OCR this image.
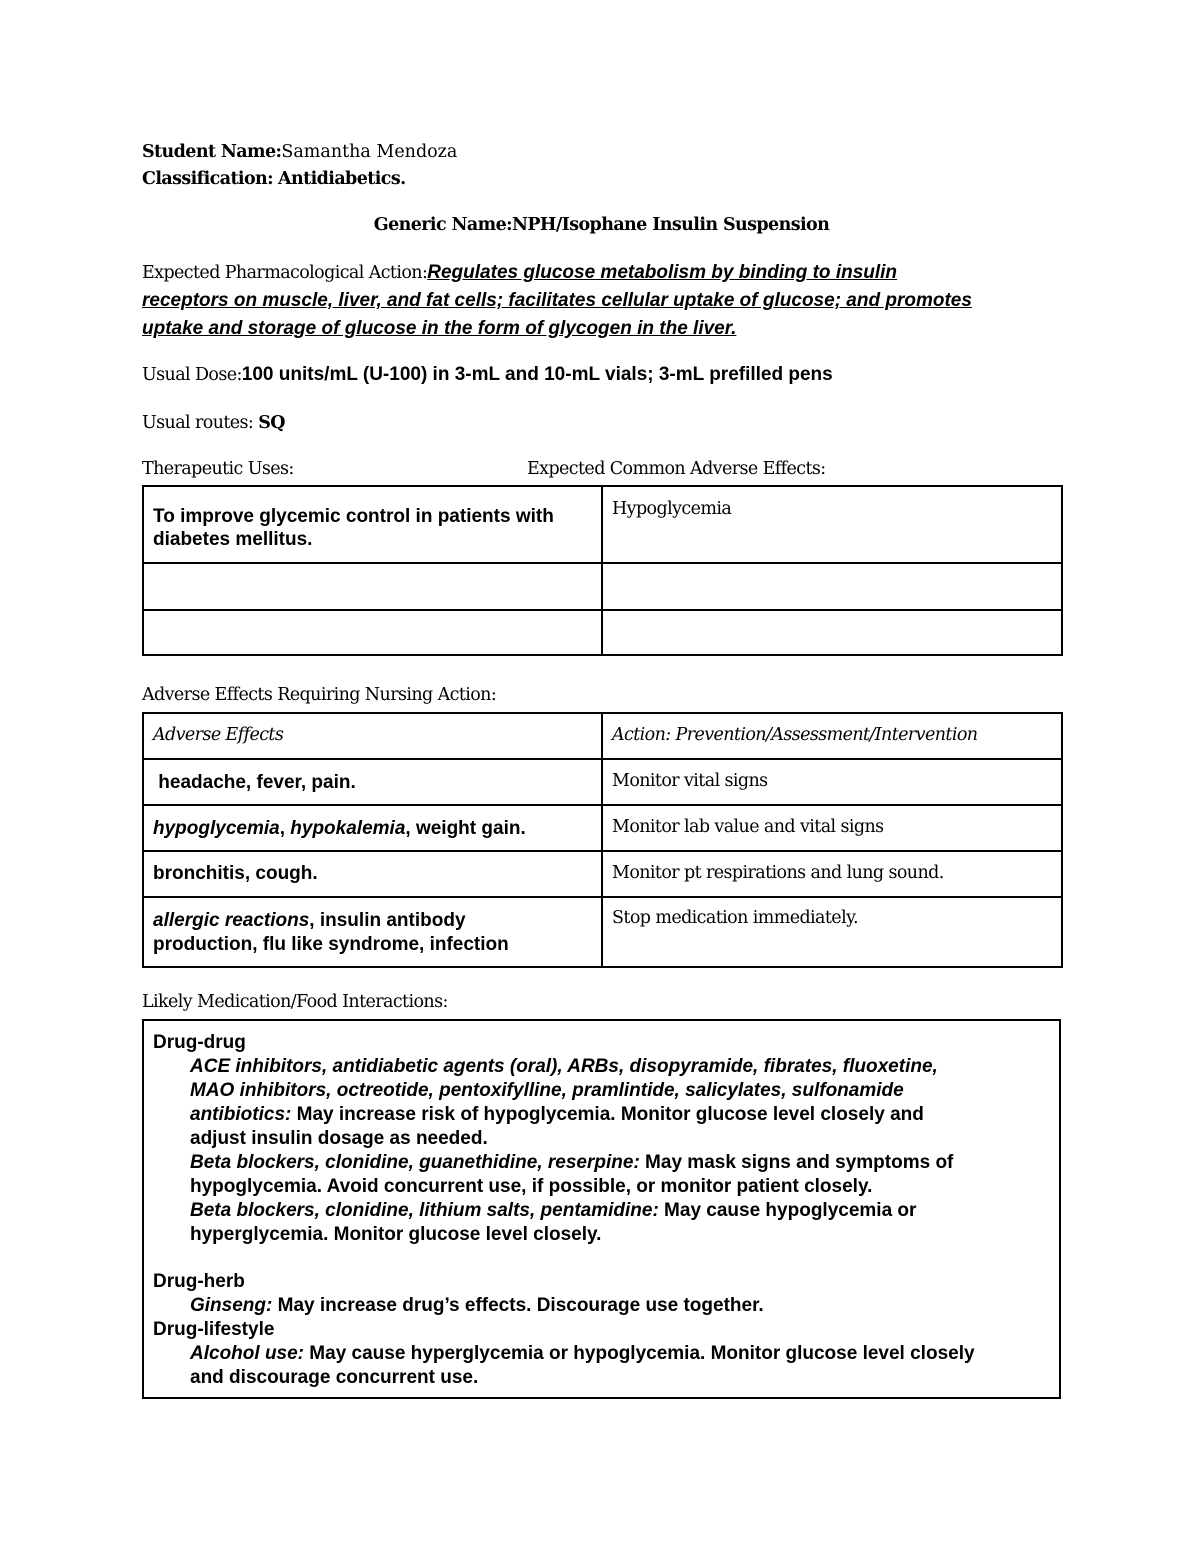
Student Name:Samantha Mendoza
Classification: Antidiabetics.
Generic Name:NPH/Isophane Insulin Suspension
Expected Pharmacological Action:Regulates glucose metabolism by binding to insulin
receptors on muscle, liver, and fat cells; facilitates cellular uptake of glucose; and promotes
uptake and storage of glucose in the form of glycogen in the liver.
Usual Dose:100 units/mL (U-100) in 3-mL and 10-mL vials; 3-mL prefilled pens
Usual routes: SQ
Therapeutic Uses:	Expected Common Adverse Effects:
To improve glycemic control in patients with
diabetes mellitus.	Hypoglycemia

Adverse Effects Requiring Nursing Action:
Adverse Effects	Action: Prevention/Assessment/Intervention

headache, fever, pain.	Monitor vital signs

hypoglycemia, hypokalemia, weight gain.	Monitor lab value and vital signs

bronchitis, cough.	Monitor pt respirations and lung sound.

allergic reactions, insulin antibody
production, flu like syndrome, infection	Stop medication immediately.
Likely Medication/Food Interactions:
Drug-drug
ACE inhibitors, antidiabetic agents (oral), ARBs, disopyramide, fibrates, fluoxetine,
MAO inhibitors, octreotide, pentoxifylline, pramlintide, salicylates, sulfonamide
antibiotics: May increase risk of hypoglycemia. Monitor glucose level closely and
adjust insulin dosage as needed.
Beta blockers, clonidine, guanethidine, reserpine: May mask signs and symptoms of
hypoglycemia. Avoid concurrent use, if possible, or monitor patient closely.
Beta blockers, clonidine, lithium salts, pentamidine: May cause hypoglycemia or
hyperglycemia. Monitor glucose level closely.
Drug-herb
Ginseng: May increase drug’s effects. Discourage use together.
Drug-lifestyle
Alcohol use: May cause hyperglycemia or hypoglycemia. Monitor glucose level closely
and discourage concurrent use.
